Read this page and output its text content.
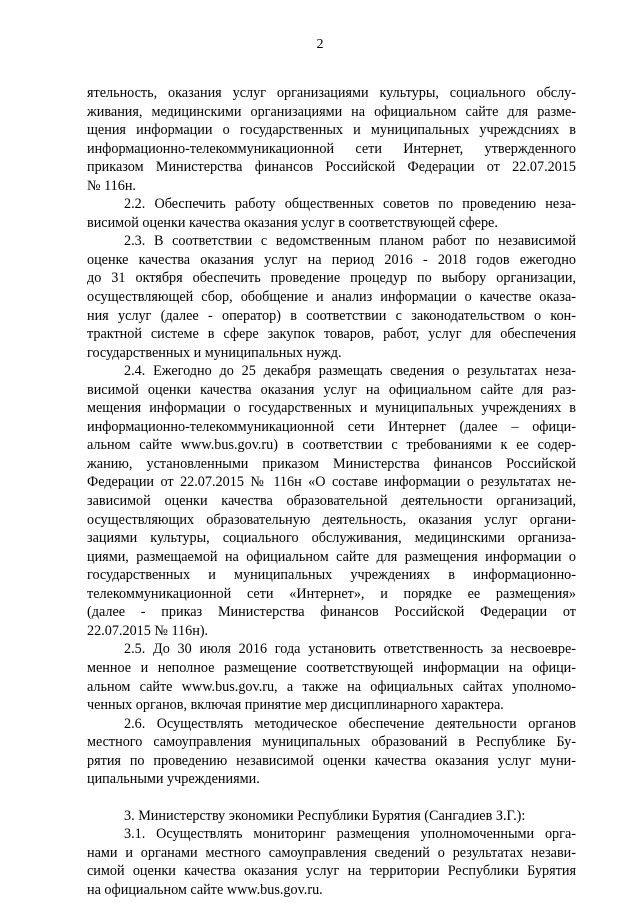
2
ятельность, оказания услуг организациями культуры, социального обслу-
живания, медицинскими организациями на официальном сайте для разме-
щения информации о государственных и муниципальных учреждсниях в
информационно-телекоммуникационной сети Интернет, утвержденного
приказом Министерства финансов Российской Федерации от 22.07.2015
№ 116н.
2.2. Обеспечить работу общественных советов по проведению неза-
висимой оценки качества оказания услуг в соответствующей сфере.
2.3. В соответствии с ведомственным планом работ по независимой
оценке качества оказания услуг на период 2016 - 2018 годов ежегодно
до 31 октября обеспечить проведение процедур по выбору организации,
осуществляющей сбор, обобщение и анализ информации о качестве оказа-
ния услуг (далее - оператор) в соответствии с законодательством о кон-
трактной системе в сфере закупок товаров, работ, услуг для обеспечения
государственных и муниципальных нужд.
2.4. Ежегодно до 25 декабря размещать сведения о результатах неза-
висимой оценки качества оказания услуг на официальном сайте для раз-
мещения информации о государственных и муниципальных учреждениях в
информационно-телекоммуникационной сети Интернет (далее – офици-
альном сайте www.bus.gov.ru) в соответствии с требованиями к ее содер-
жанию, установленными приказом Министерства финансов Российской
Федерации от 22.07.2015 № 116н «О составе информации о результатах не-
зависимой оценки качества образовательной деятельности организаций,
осуществляющих образовательную деятельность, оказания услуг органи-
зациями культуры, социального обслуживания, медицинскими организа-
циями, размещаемой на официальном сайте для размещения информации о
государственных и муниципальных учреждениях в информационно-
телекоммуникационной сети «Интернет», и порядке ее размещения»
(далее - приказ Министерства финансов Российской Федерации от
22.07.2015 № 116н).
2.5. До 30 июля 2016 года установить ответственность за несвоевре-
менное и неполное размещение соответствующей информации на офици-
альном сайте www.bus.gov.ru, а также на официальных сайтах уполномо-
ченных органов, включая принятие мер дисциплинарного характера.
2.6. Осуществлять методическое обеспечение деятельности органов
местного самоуправления муниципальных образований в Республике Бу-
рятия по проведению независимой оценки качества оказания услуг муни-
ципальными учреждениями.
3. Министерству экономики Республики Бурятия (Сангадиев З.Г.):
3.1. Осуществлять мониторинг размещения уполномоченными орга-
нами и органами местного самоуправления сведений о результатах незави-
симой оценки качества оказания услуг на территории Республики Бурятия
на официальном сайте www.bus.gov.ru.
